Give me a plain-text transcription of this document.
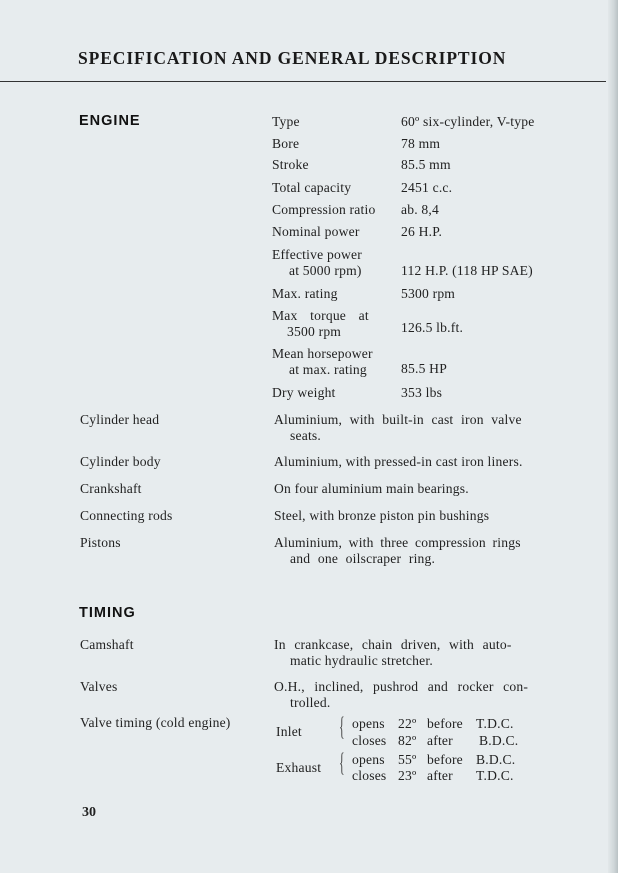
SPECIFICATION AND GENERAL DESCRIPTION
ENGINE	Type	60º six-cylinder, V-type
Bore	78 mm
Stroke	85.5 mm
Total capacity	2451 c.c.
Compression ratio ab. 8,4
Nominal power	26 H.P.
Effective power
at 5000 rpm)	112 H.P. (118 HP SAE)
Max. rating	5300 rpm
Max torque at
3500 rpm	126.5 lb.ft.
Mean horsepower
at max. rating	85.5 HP
Dry weight	353 lbs
Cylinder head	Aluminium, with built-in cast iron valve
seats.
Cylinder body	Aluminium, with pressed-in cast iron liners.
Crankshaft	On four aluminium main bearings.
Connecting rods	Steel, with bronze piston pin bushings
Pistons	Aluminium, with three compression rings
and one oilscraper ring.
TIMING
Camshaft	In crankcase, chain driven, with auto-
matic hydraulic stretcher.
Valves	O.H., inclined, pushrod and rocker con-
trolled.
Valve timing (cold engine)
Inlet { opens 22º before T.D.C.
closes 82º after B.D.C.
Exhaust { opens 55º before B.D.C.
closes 23º after T.D.C.
30
